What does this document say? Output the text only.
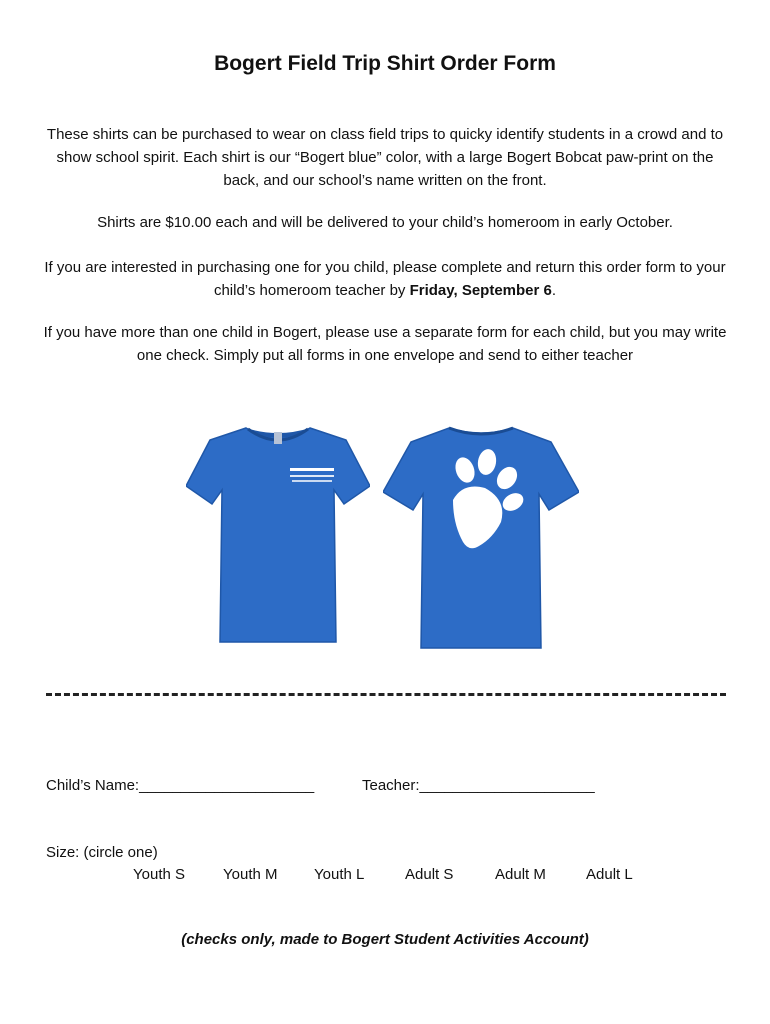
Bogert Field Trip Shirt Order Form

These shirts can be purchased to wear on class field trips to quicky identify students in a crowd and to show school spirit. Each shirt is our “Bogert blue” color, with a large Bogert Bobcat paw-print on the back, and our school’s name written on the front.

Shirts are $10.00 each and will be delivered to your child’s homeroom in early October.

If you are interested in purchasing one for you child, please complete and return this order form to your child’s homeroom teacher by Friday, September 6.

If you have more than one child in Bogert, please use a separate form for each child, but you may write one check. Simply put all forms in one envelope and send to either teacher

Child’s Name:_____________________	Teacher:_____________________
Size: (circle one)
Youth S	Youth M Youth L	Adult S	Adult M	Adult L
(checks only, made to Bogert Student Activities Account)
